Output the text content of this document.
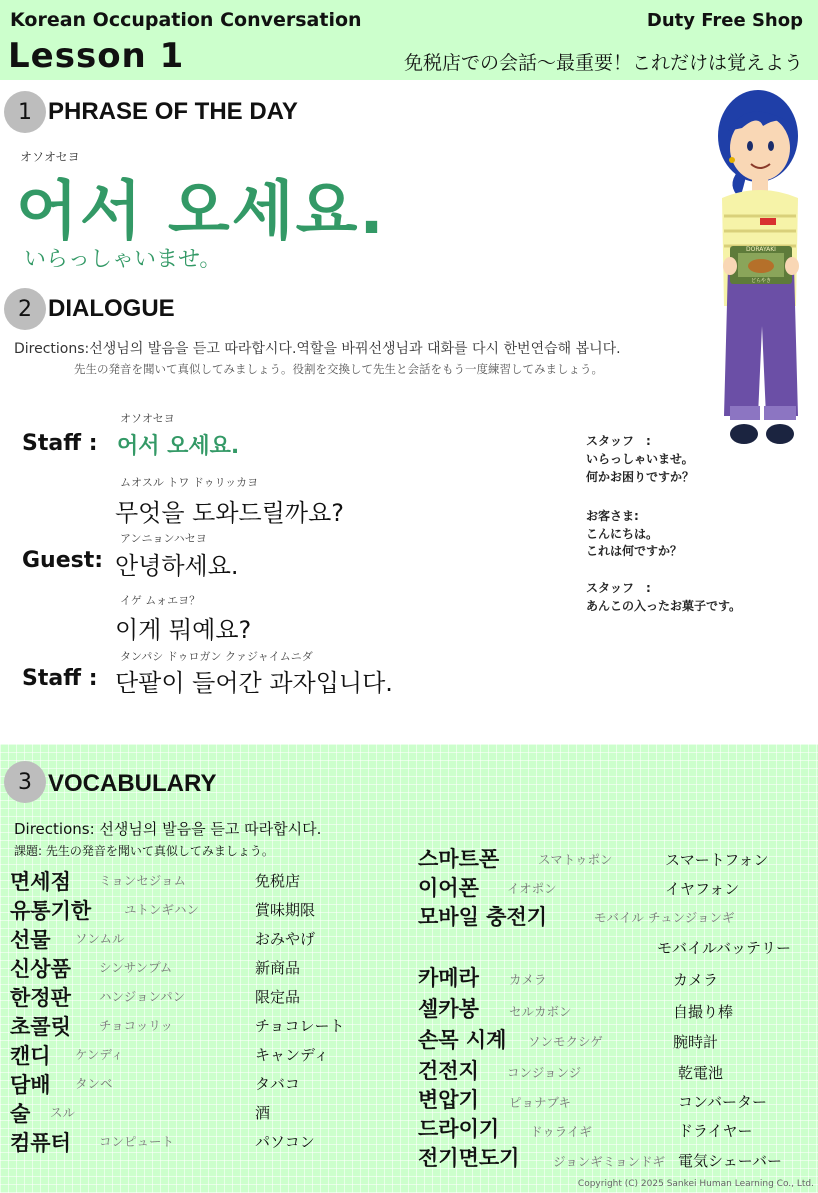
Korean Occupation Conversation	Duty Free Shop
Lesson 1	免税店での会話～最重要！これだけは覚えよう
1 PHRASE OF THE DAY
オソオセヨ
어서 오세요.
いらっしゃいませ。	DORAYAKI
どらやき
2 DIALOGUE
Directions:선생님의 발음을 듣고 따라합시다.역할을 바꿔선생님과 대화를 다시 한번연습해 봅니다.
先生の発音を聞いて真似してみましょう。役割を交換して先生と会話をもう一度練習してみましょう。
オソオセヨ
Staff : 어서 오세요.
ムオスル トワ ドゥリッカヨ
무엇을 도와드릴까요?
アンニョンハセヨ
Guest: 안녕하세요.
イゲ ムォエヨ？
이게 뭐예요?
タンパシ ドゥロガン クァジャイムニダ
Staff : 단팥이 들어간 과자입니다.
スタッフ　:
いらっしゃいませ。
何かお困りですか？
お客さま:
こんにちは。
これは何ですか？
スタッフ　:
あんこの入ったお菓子です。
3 VOCABULARY
Directions: 선생님의 발음을 듣고 따라합시다.
課題: 先生の発音を聞いて真似してみましょう。
면세점 ミョンセジョム	免税店
유통기한	ユトンギハン	賞味期限
선물 ソンムル	おみやげ
신상품 シンサンプム	新商品
한정판 ハンジョンパン	限定品
초콜릿 チョコッリッ	チョコレート
캔디 ケンディ	キャンディ
담배 タンベ	タバコ
술 スル	酒
컴퓨터 コンピュート	パソコン
스마트폰	スマトゥポン	スマートフォン
이어폰 イオポン	イヤフォン
모바일 충전기	モバイル チュンジョンギ
モバイルバッテリー
카메라 カメラ	カメラ
셀카봉 セルカボン	自撮り棒
손목 시계 ソンモクシゲ	腕時計
건전지 コンジョンジ	乾電池
변압기 ピョナブキ	コンバーター
드라이기 ドゥライギ	ドライヤー
전기면도기	ジョンギミョンドギ 電気シェーバー
Copyright (C) 2025 Sankei Human Learning Co., Ltd.
